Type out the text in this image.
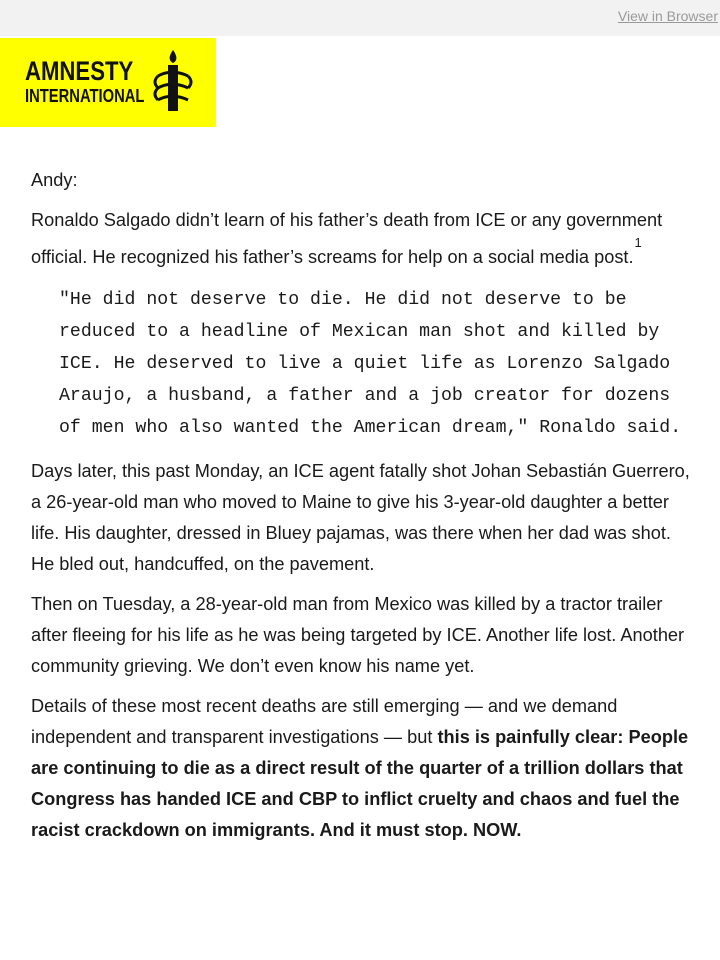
View in Browser
AMNESTY
INTERNATIONAL

Andy:

Ronaldo Salgado didn’t learn of his father’s death from ICE or any government official. He recognized his father’s screams for help on a social media post.$^1$

"He did not deserve to die. He did not deserve to be reduced to a headline of Mexican man shot and killed by ICE. He deserved to live a quiet life as Lorenzo Salgado Araujo, a husband, a father and a job creator for dozens of men who also wanted the American dream," Ronaldo said.

Days later, this past Monday, an ICE agent fatally shot Johan Sebastián Guerrero, a 26-year-old man who moved to Maine to give his 3-year-old daughter a better life. His daughter, dressed in Bluey pajamas, was there when her dad was shot. He bled out, handcuffed, on the pavement.

Then on Tuesday, a 28-year-old man from Mexico was killed by a tractor trailer after fleeing for his life as he was being targeted by ICE. Another life lost. Another community grieving. We don’t even know his name yet.

Details of these most recent deaths are still emerging — and we demand independent and transparent investigations — but this is painfully clear: People are continuing to die as a direct result of the quarter of a trillion dollars that Congress has handed ICE and CBP to inflict cruelty and chaos and fuel the racist crackdown on immigrants. And it must stop. NOW.
